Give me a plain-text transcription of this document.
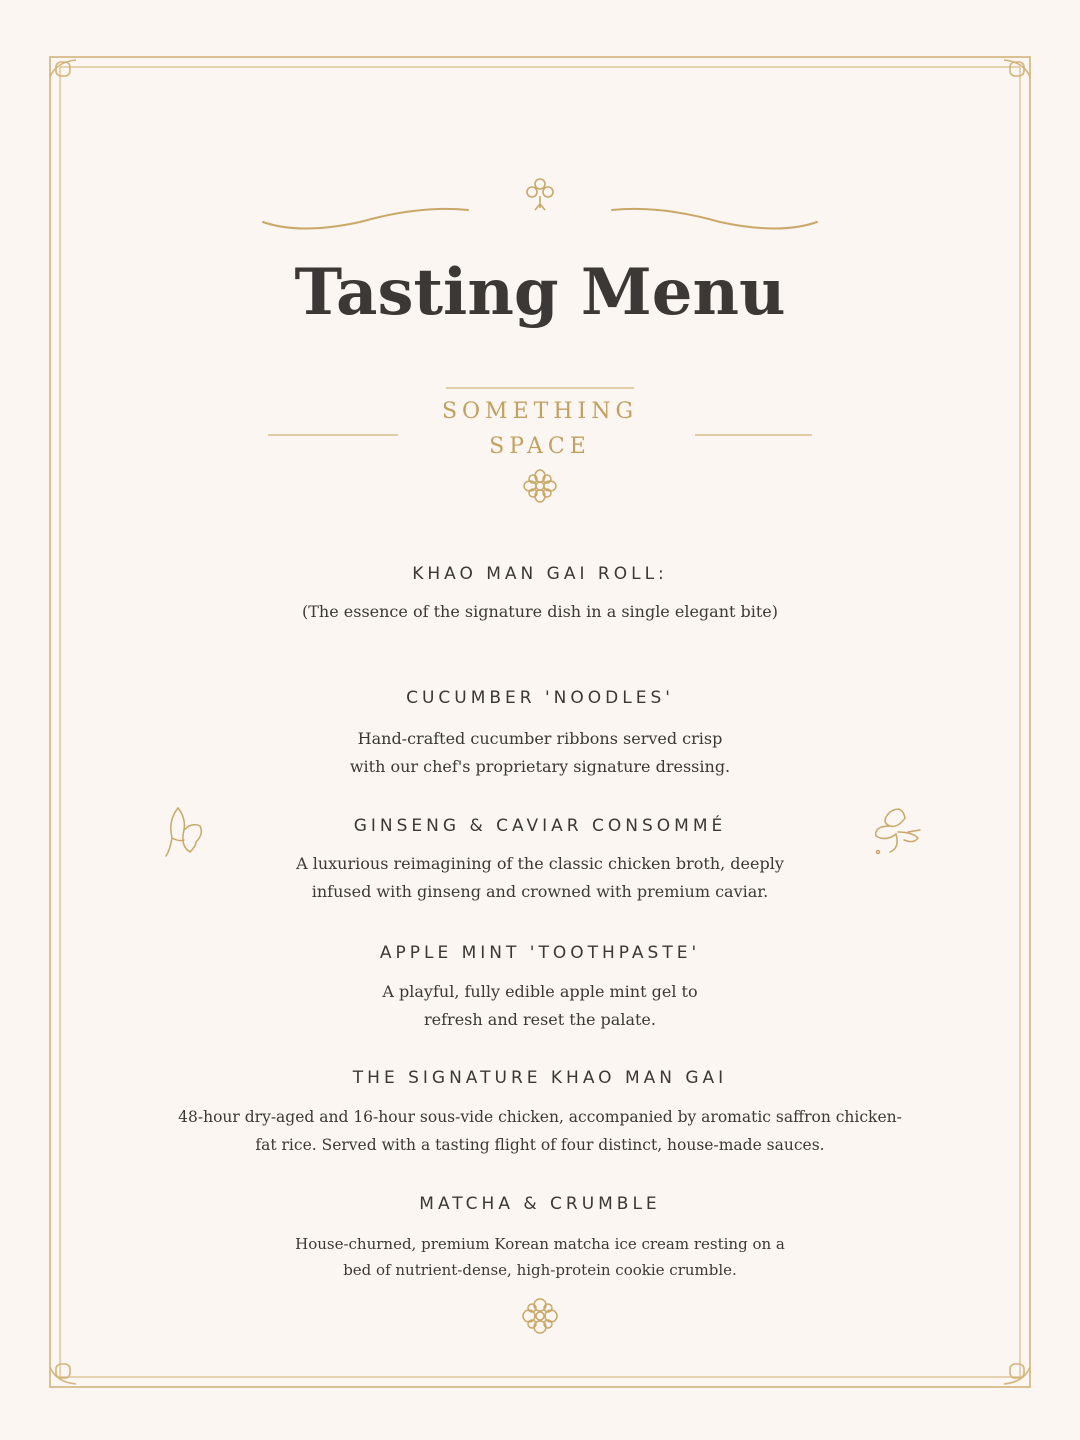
Tasting Menu
SOMETHING
SPACE
KHAO MAN GAI ROLL:
(The essence of the signature dish in a single elegant bite)
CUCUMBER 'NOODLES'
Hand-crafted cucumber ribbons served crisp
with our chef's proprietary signature dressing.
GINSENG & CAVIAR CONSOMMÉ
A luxurious reimagining of the classic chicken broth, deeply
infused with ginseng and crowned with premium caviar.
APPLE MINT 'TOOTHPASTE'
A playful, fully edible apple mint gel to
refresh and reset the palate.
THE SIGNATURE KHAO MAN GAI
48-hour dry-aged and 16-hour sous-vide chicken, accompanied by aromatic saffron chicken-
fat rice. Served with a tasting flight of four distinct, house-made sauces.
MATCHA & CRUMBLE
House-churned, premium Korean matcha ice cream resting on a
bed of nutrient-dense, high-protein cookie crumble.
